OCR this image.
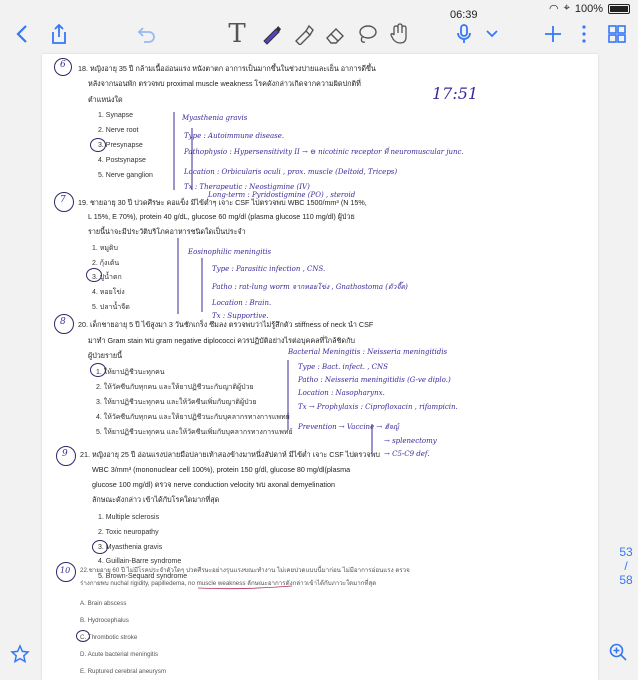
06:39	◠ ⌖ 100%
T
17:51
6 18. หญิงอายุ 35 ปี กล้ามเนื้ออ่อนแรง หนังตาตก อาการเป็นมากขึ้นในช่วงบ่ายและเย็น อาการดีขึ้น
หลังจากนอนพัก ตรวจพบ proximal muscle weakness โรคดังกล่าวเกิดจากความผิดปกติที่
ตำแหน่งใด
1. Synapse
2. Nerve root
3. Presynapse
4. Postsynapse
5. Nerve ganglion
Myasthenia gravis
Type : Autoimmune disease.
Pathophysio : Hypersensitivity II → ⊖ nicotinic receptor ที่ neuromuscular junc.
Location : Orbicularis oculi , prox. muscle (Deltoid, Triceps)
Tx : Therapeutic : Neostigmine (IV)
Long-term : Pyridostigmine (PO) , steroid
7 19. ชายอายุ 30 ปี ปวดศีรษะ คอแข็ง มีไข้ต่ำๆ เจาะ CSF ไปตรวจพบ WBC 1500/mm³ (N 15%,
L 15%, E 70%), protein 40 g/dL, glucose 60 mg/dl (plasma glucose 110 mg/dl) ผู้ป่วย
รายนี้น่าจะมีประวัติบริโภคอาหารชนิดใดเป็นประจำ
1. หมูดิบ
2. กุ้งเต้น
3. ปูน้ำตก
4. หอยโข่ง
5. ปลาน้ำจืด
Eosinophilic meningitis
Type : Parasitic infection , CNS.
Patho : rat-lung worm จากหอยโข่ง , Gnathostoma (ตัวจี๊ด)
Location : Brain.
Tx : Supportive.
8 20. เด็กชายอายุ 5 ปี ไข้สูงมา 3 วันชักเกร็ง ซึมลง ตรวจพบว่าไม่รู้สึกตัว stiffness of neck นำ CSF
มาทำ Gram stain พบ gram negative diplococci ควรปฏิบัติอย่างไรต่อบุคคลที่ใกล้ชิดกับ
ผู้ป่วยรายนี้
1. ให้ยาปฏิชีวนะทุกคน
2. ให้วัคซีนกับทุกคน และให้ยาปฏิชีวนะกับญาติผู้ป่วย
3. ให้ยาปฏิชีวนะทุกคน และให้วัคซีนเพิ่มกับญาติผู้ป่วย
4. ให้วัคซีนกับทุกคน และให้ยาปฏิชีวนะกับบุคลากรทางการแพทย์
5. ให้ยาปฏิชีวนะทุกคน และให้วัคซีนเพิ่มกับบุคลากรทางการแพทย์
Bacterial Meningitis : Neisseria meningitidis
Type : Bact. infect. , CNS
Patho : Neisseria meningitidis (G-ve diplo.)
Location : Nasopharynx.
Tx → Prophylaxis : Ciprofloxacin , rifampicin.
Prevention → Vaccine → ฮัจญ์
→ splenectomy
→ C5-C9 def.
9 21. หญิงอายุ 25 ปี อ่อนแรงปลายมือปลายเท้าสองข้างมาหนึ่งสัปดาห์ มีไข้ต่ำ เจาะ CSF ไปตรวจพบ
WBC 3/mm³ (mononuclear cell 100%), protein 150 g/dl, glucose 80 mg/dl(plasma
glucose 100 mg/dl) ตรวจ nerve conduction velocity พบ axonal demyelination
ลักษณะดังกล่าว เข้าได้กับโรคใดมากที่สุด
1. Multiple sclerosis
2. Toxic neuropathy
3. Myasthenia gravis
4. Guillain-Barre syndrome
5. Brown-Sequard syndrome
10 22.ชายอายุ 60 ปี ไม่มีโรคประจำตัวใดๆ ปวดศีรษะอย่างรุนแรงขณะทำงาน ไม่เคยปวดแบบนี้มาก่อน ไม่มีอาการอ่อนแรง ตรวจ
ร่างกายพบ nuchal rigidity, papilledema, no muscle weakness ลักษณะอาการดังกล่าวเข้าได้กับภาวะใดมากที่สุด
A. Brain abscess
B. Hydrocephalus
C. Thrombotic stroke
D. Acute bacterial meningitis
E. Ruptured cerebral aneurysm
53
/
58
